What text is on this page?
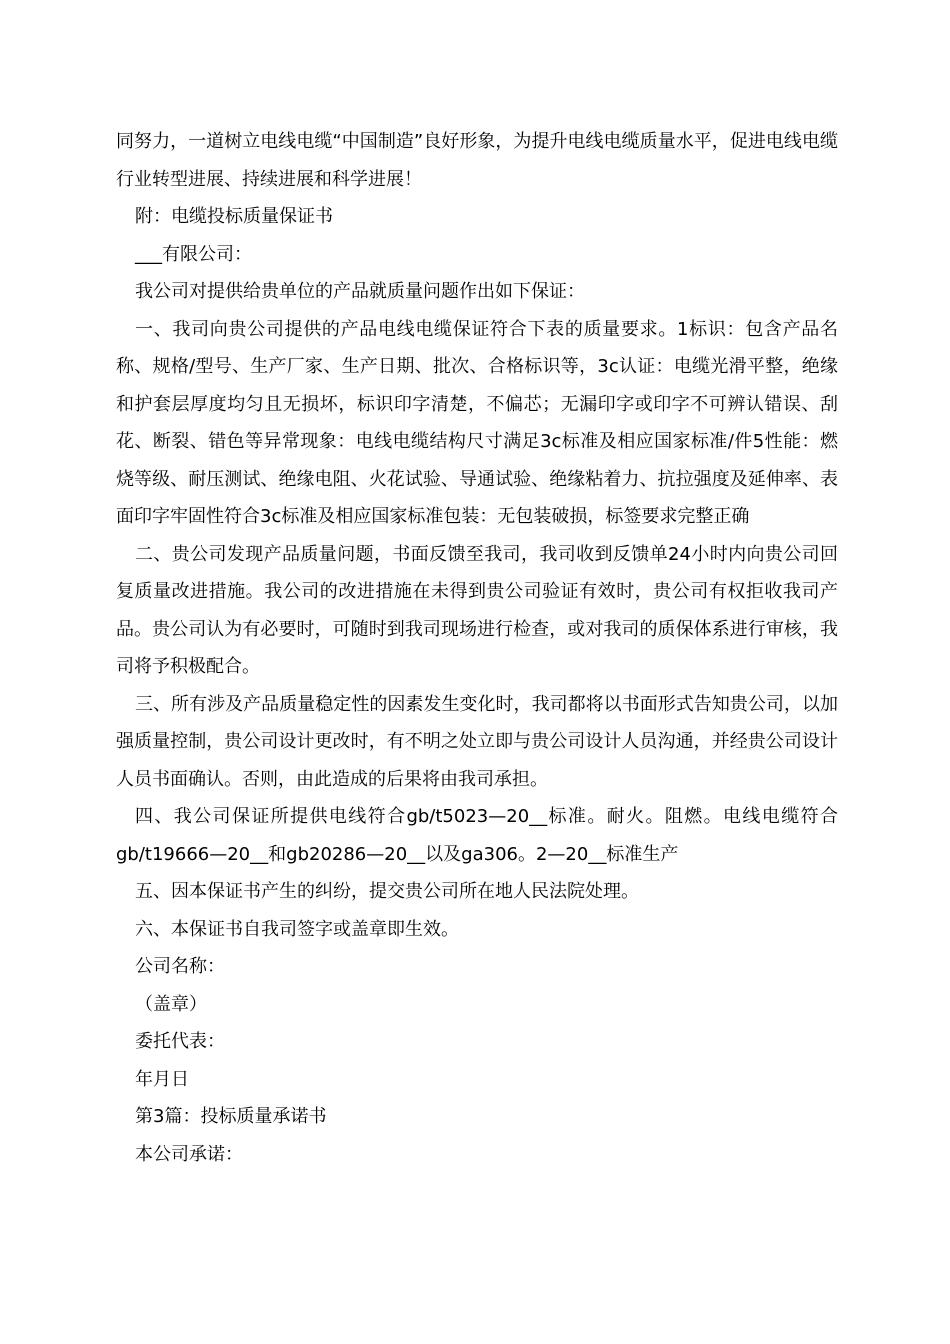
同努力，一道树立电线电缆“中国制造”良好形象，为提升电线电缆质量水平，促进电线电缆行业转型进展、持续进展和科学进展！

附：电缆投标质量保证书

___有限公司：

我公司对提供给贵单位的产品就质量问题作出如下保证：

一、我司向贵公司提供的产品电线电缆保证符合下表的质量要求。1标识：包含产品名称、规格/型号、生产厂家、生产日期、批次、合格标识等，3c认证：电缆光滑平整，绝缘和护套层厚度均匀且无损坏，标识印字清楚，不偏芯；无漏印字或印字不可辨认错误、刮花、断裂、错色等异常现象：电线电缆结构尺寸满足3c标准及相应国家标准/件5性能：燃烧等级、耐压测试、绝缘电阻、火花试验、导通试验、绝缘粘着力、抗拉强度及延伸率、表面印字牢固性符合3c标准及相应国家标准包装：无包装破损，标签要求完整正确

二、贵公司发现产品质量问题，书面反馈至我司，我司收到反馈单24小时内向贵公司回复质量改进措施。我公司的改进措施在未得到贵公司验证有效时，贵公司有权拒收我司产品。贵公司认为有必要时，可随时到我司现场进行检查，或对我司的质保体系进行审核，我司将予积极配合。

三、所有涉及产品质量稳定性的因素发生变化时，我司都将以书面形式告知贵公司，以加强质量控制，贵公司设计更改时，有不明之处立即与贵公司设计人员沟通，并经贵公司设计人员书面确认。否则，由此造成的后果将由我司承担。

四、我公司保证所提供电线符合gb/t5023—20__标准。耐火。阻燃。电线电缆符合gb/t19666—20__和gb20286—20__以及ga306。2—20__标准生产

五、因本保证书产生的纠纷，提交贵公司所在地人民法院处理。

六、本保证书自我司签字或盖章即生效。

公司名称：

（盖章）

委托代表：

年月日

第3篇：投标质量承诺书

本公司承诺：
